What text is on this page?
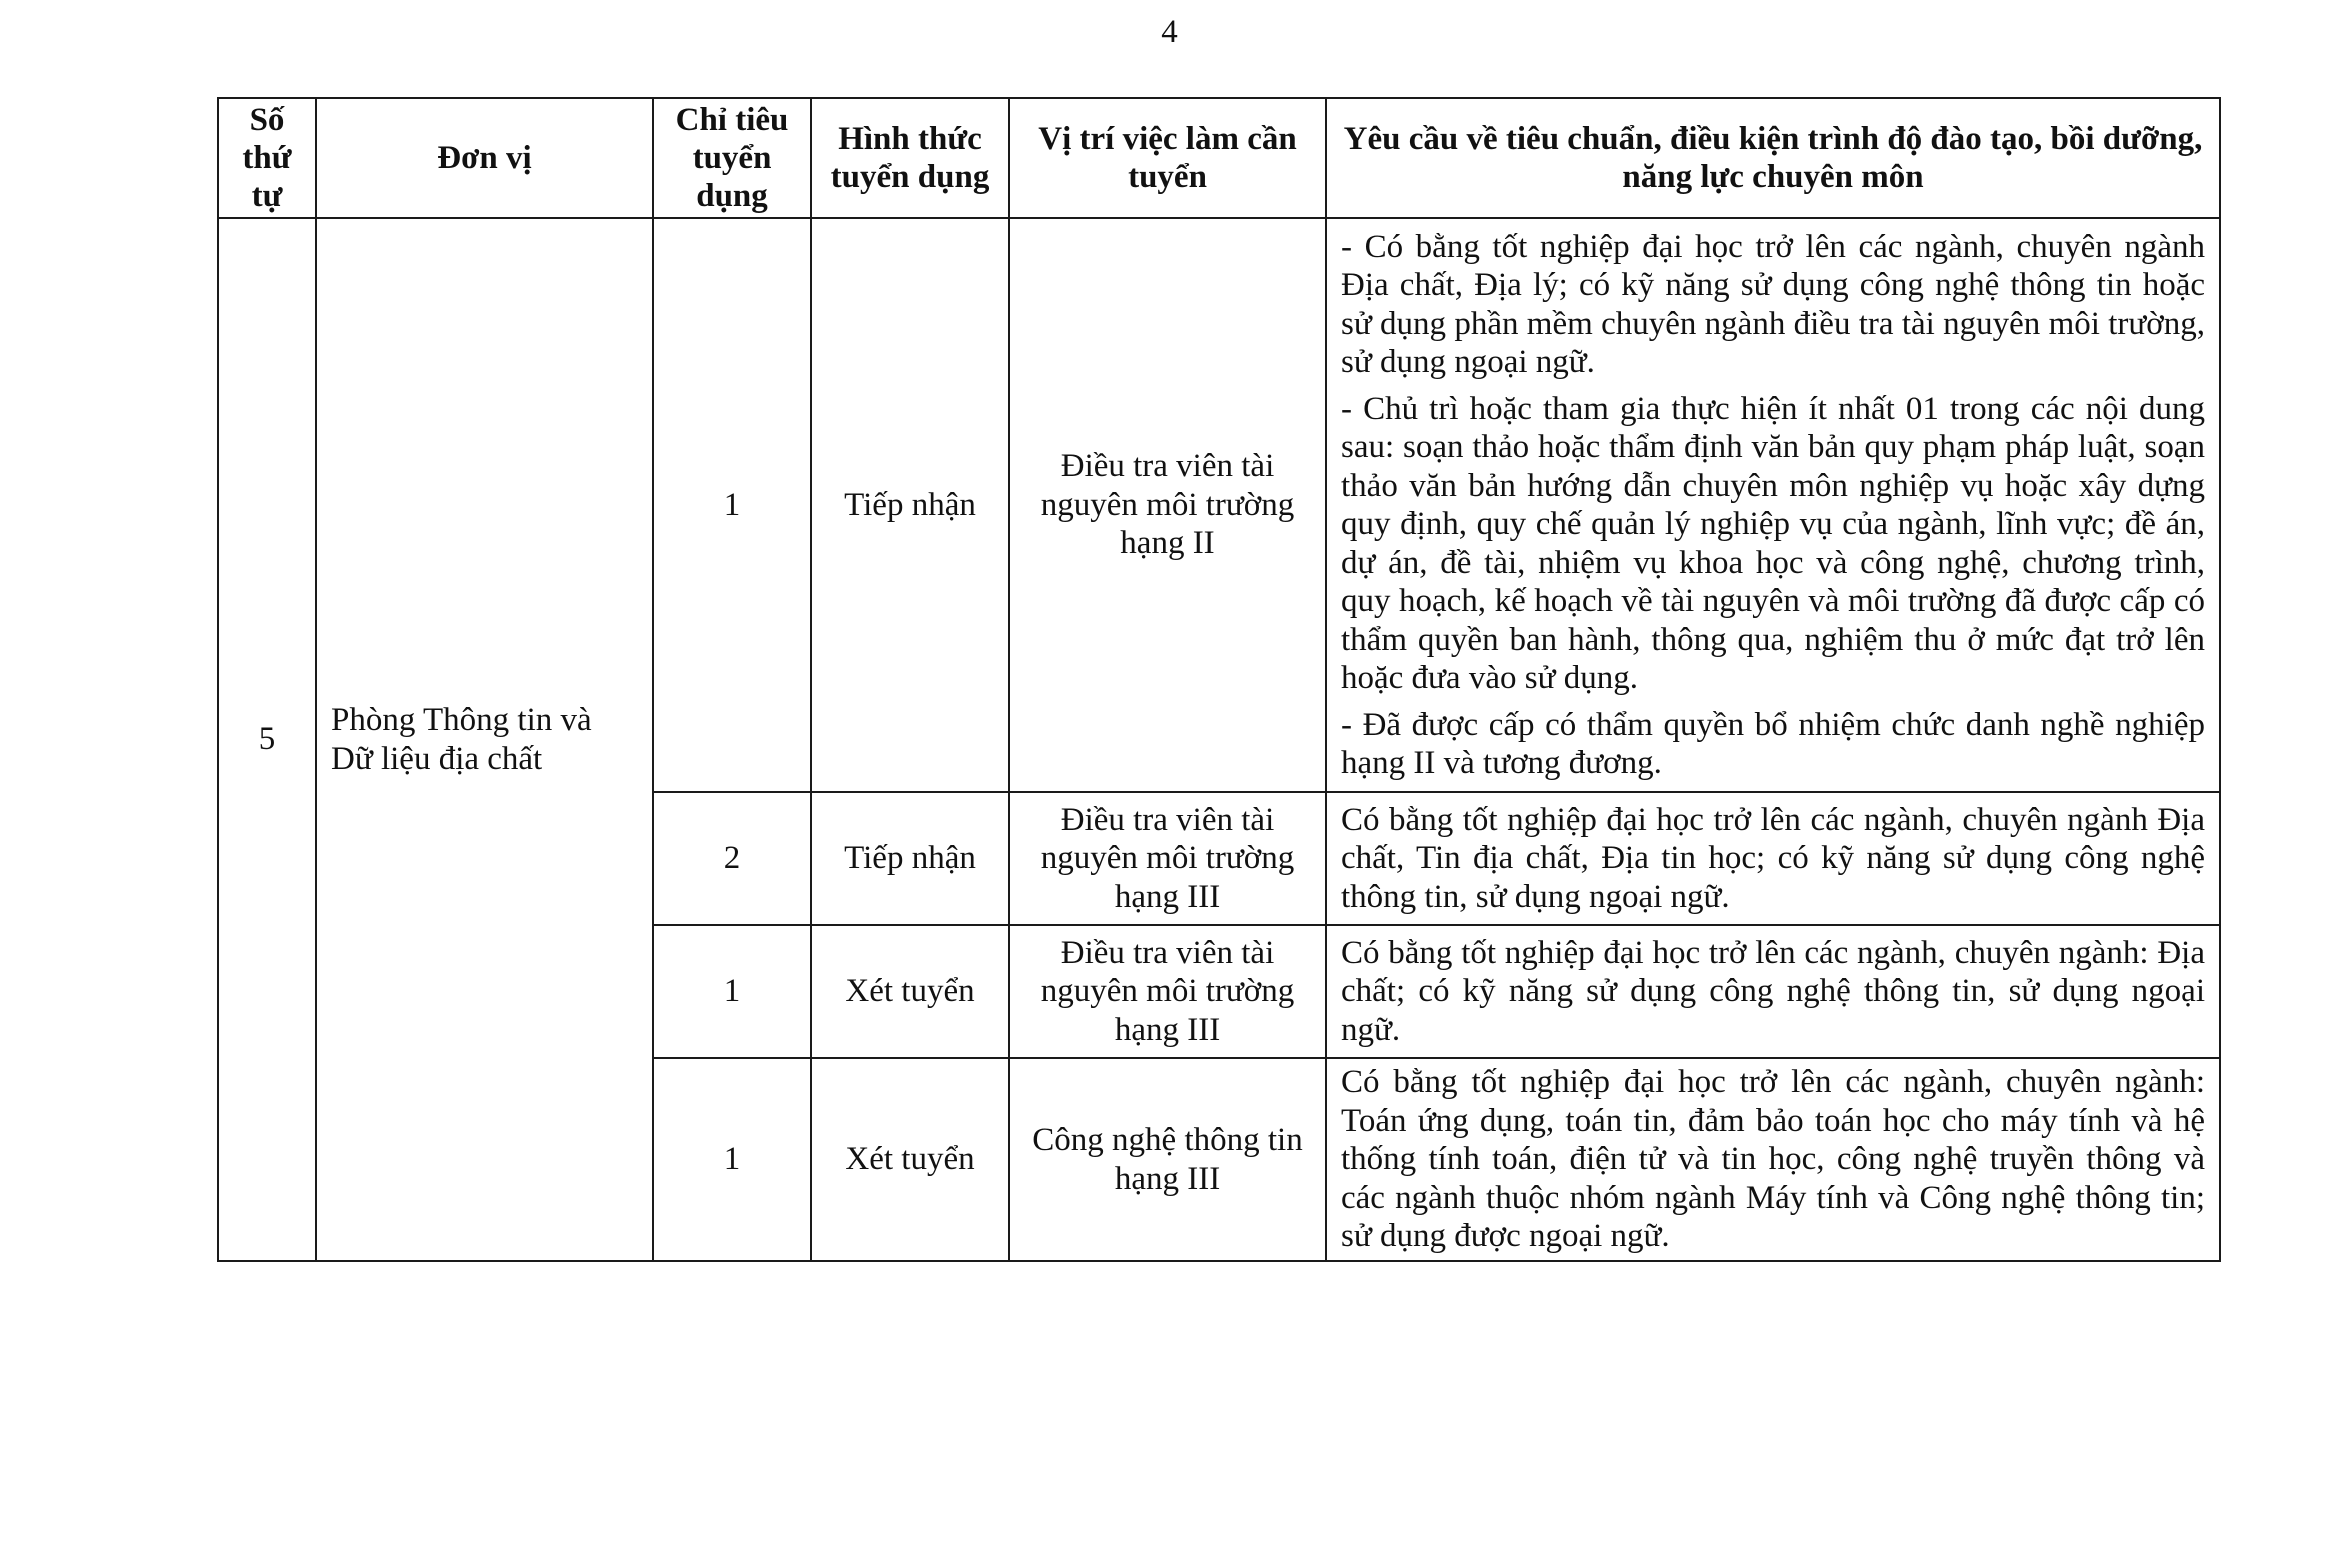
4
Số thứ tự	Đơn vị	Chỉ tiêu tuyển dụng	Hình thức tuyển dụng	Vị trí việc làm cần tuyển	Yêu cầu về tiêu chuẩn, điều kiện trình độ đào tạo, bồi dưỡng, năng lực chuyên môn
5	Phòng Thông tin và Dữ liệu địa chất	1	Tiếp nhận	Điều tra viên tài nguyên môi trường hạng II	- Có bằng tốt nghiệp đại học trở lên các ngành, chuyên ngành Địa chất, Địa lý; có kỹ năng sử dụng công nghệ thông tin hoặc sử dụng phần mềm chuyên ngành điều tra tài nguyên môi trường, sử dụng ngoại ngữ.

- Chủ trì hoặc tham gia thực hiện ít nhất 01 trong các nội dung sau: soạn thảo hoặc thẩm định văn bản quy phạm pháp luật, soạn thảo văn bản hướng dẫn chuyên môn nghiệp vụ hoặc xây dựng quy định, quy chế quản lý nghiệp vụ của ngành, lĩnh vực; đề án, dự án, đề tài, nhiệm vụ khoa học và công nghệ, chương trình, quy hoạch, kế hoạch về tài nguyên và môi trường đã được cấp có thẩm quyền ban hành, thông qua, nghiệm thu ở mức đạt trở lên hoặc đưa vào sử dụng.

- Đã được cấp có thẩm quyền bổ nhiệm chức danh nghề nghiệp hạng II và tương đương.

		2	Tiếp nhận	Điều tra viên tài nguyên môi trường hạng III	Có bằng tốt nghiệp đại học trở lên các ngành, chuyên ngành Địa chất, Tin địa chất, Địa tin học; có kỹ năng sử dụng công nghệ thông tin, sử dụng ngoại ngữ.

		1	Xét tuyển	Điều tra viên tài nguyên môi trường hạng III	Có bằng tốt nghiệp đại học trở lên các ngành, chuyên ngành: Địa chất; có kỹ năng sử dụng công nghệ thông tin, sử dụng ngoại ngữ.

		1	Xét tuyển	Công nghệ thông tin hạng III	Có bằng tốt nghiệp đại học trở lên các ngành, chuyên ngành: Toán ứng dụng, toán tin, đảm bảo toán học cho máy tính và hệ thống tính toán, điện tử và tin học, công nghệ truyền thông và các ngành thuộc nhóm ngành Máy tính và Công nghệ thông tin; sử dụng được ngoại ngữ.
